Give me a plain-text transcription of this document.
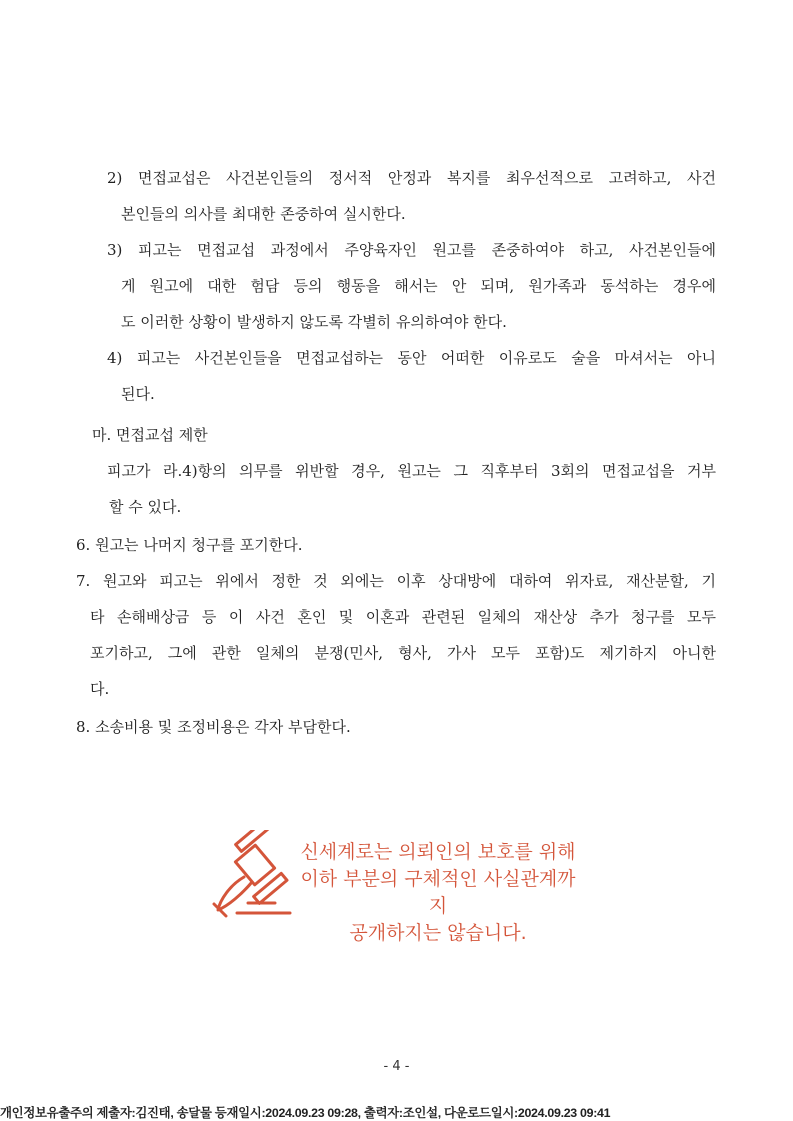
2) 면접교섭은 사건본인들의 정서적 안정과 복지를 최우선적으로 고려하고, 사건
본인들의 의사를 최대한 존중하여 실시한다.
3) 피고는 면접교섭 과정에서 주양육자인 원고를 존중하여야 하고, 사건본인들에
게 원고에 대한 험담 등의 행동을 해서는 안 되며, 원가족과 동석하는 경우에
도 이러한 상황이 발생하지 않도록 각별히 유의하여야 한다.
4) 피고는 사건본인들을 면접교섭하는 동안 어떠한 이유로도 술을 마셔서는 아니
된다.
마. 면접교섭 제한
피고가 라.4)항의 의무를 위반할 경우, 원고는 그 직후부터 3회의 면접교섭을 거부
할 수 있다.
6. 원고는 나머지 청구를 포기한다.
7. 원고와 피고는 위에서 정한 것 외에는 이후 상대방에 대하여 위자료, 재산분할, 기
타 손해배상금 등 이 사건 혼인 및 이혼과 관련된 일체의 재산상 추가 청구를 모두
포기하고, 그에 관한 일체의 분쟁(민사, 형사, 가사 모두 포함)도 제기하지 아니한
다.
8. 소송비용 및 조정비용은 각자 부담한다.
신세계로는 의뢰인의 보호를 위해
이하 부분의 구체적인 사실관계까지
공개하지는 않습니다.
- 4 -
개인정보유출주의 제출자:김진태, 송달물 등재일시:2024.09.23 09:28, 출력자:조인설, 다운로드일시:2024.09.23 09:41
